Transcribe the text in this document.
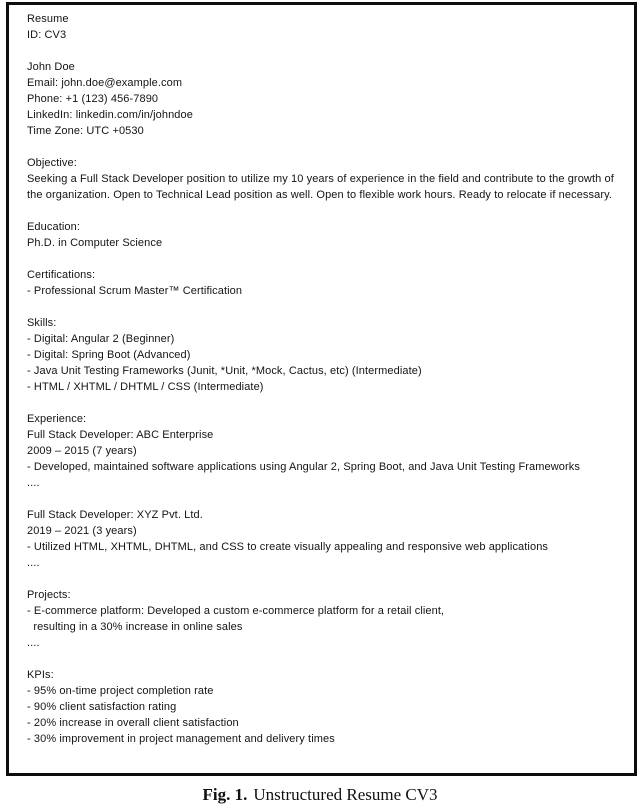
Resume
ID: CV3
John Doe
Email: john.doe@example.com
Phone: +1 (123) 456-7890
LinkedIn: linkedin.com/in/johndoe
Time Zone: UTC +0530
Objective:
Seeking a Full Stack Developer position to utilize my 10 years of experience in the field and contribute to the growth of the organization. Open to Technical Lead position as well. Open to flexible work hours. Ready to relocate if necessary.
Education:
Ph.D. in Computer Science
Certifications:
- Professional Scrum Master™ Certification
Skills:
- Digital: Angular 2 (Beginner)
- Digital: Spring Boot (Advanced)
- Java Unit Testing Frameworks (Junit, *Unit, *Mock, Cactus, etc) (Intermediate)
- HTML / XHTML / DHTML / CSS (Intermediate)
Experience:
Full Stack Developer: ABC Enterprise
2009 – 2015 (7 years)
- Developed, maintained software applications using Angular 2, Spring Boot, and Java Unit Testing Frameworks
....
Full Stack Developer: XYZ Pvt. Ltd.
2019 – 2021 (3 years)
- Utilized HTML, XHTML, DHTML, and CSS to create visually appealing and responsive web applications
....
Projects:
- E-commerce platform: Developed a custom e-commerce platform for a retail client,
resulting in a 30% increase in online sales
....
KPIs:
- 95% on-time project completion rate
- 90% client satisfaction rating
- 20% increase in overall client satisfaction
- 30% improvement in project management and delivery times
Fig. 1. Unstructured Resume CV3
